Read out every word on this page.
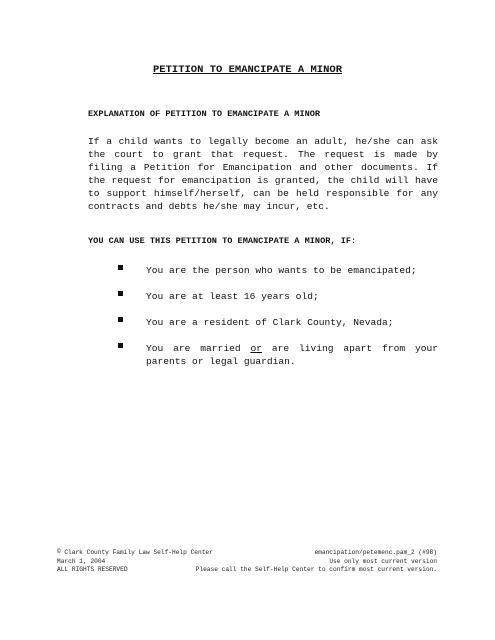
PETITION TO EMANCIPATE A MINOR
EXPLANATION OF PETITION TO EMANCIPATE A MINOR

If a child wants to legally become an adult, he/she can ask the court to grant that request. The request is made by filing a Petition for Emancipation and other documents. If the request for emancipation is granted, the child will have to support himself/herself, can be held responsible for any contracts and debts he/she may incur, etc.

YOU CAN USE THIS PETITION TO EMANCIPATE A MINOR, IF:

You are the person who wants to be emancipated;

You are at least 16 years old;

You are a resident of Clark County, Nevada;

You are married or are living apart from your parents or legal guardian.

© Clark County Family Law Self-Help Center	emancipation/petemenc.pam_2 (#98)
March 1, 2004	Use only most current version
ALL RIGHTS RESERVED	Please call the Self-Help Center to confirm most current version.
